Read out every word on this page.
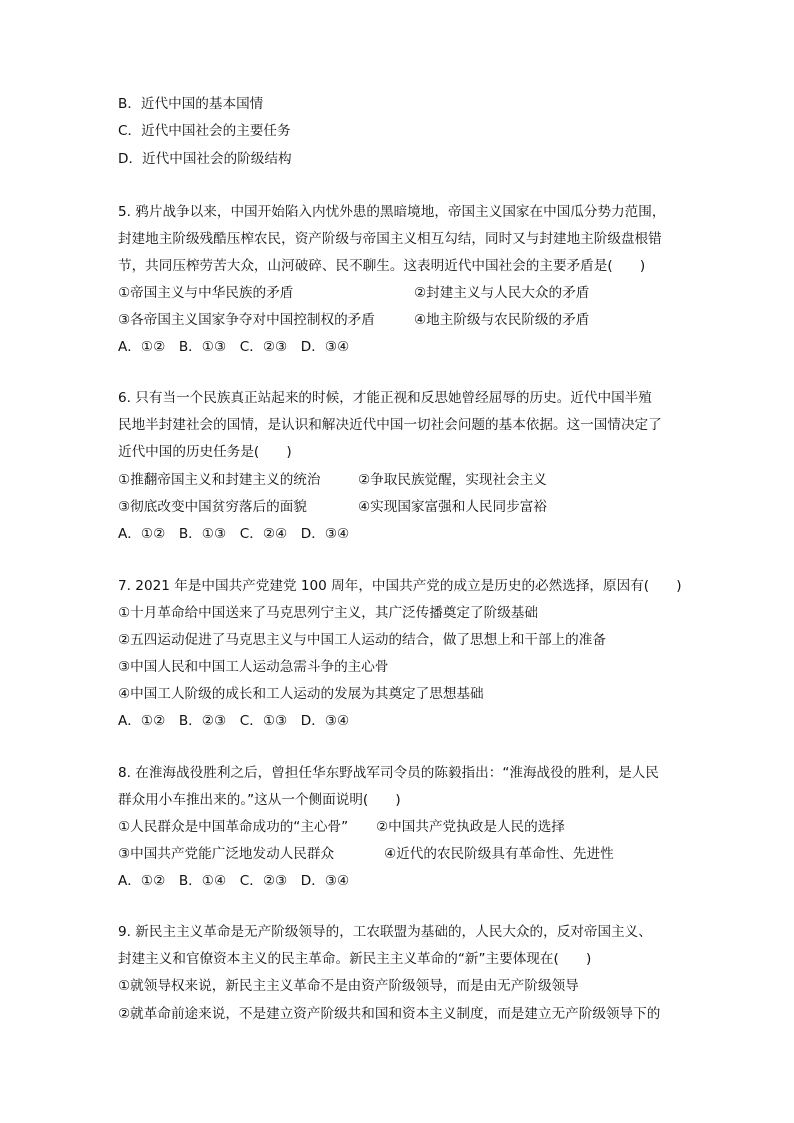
B．近代中国的基本国情
C．近代中国社会的主要任务
D．近代中国社会的阶级结构
5. 鸦片战争以来，中国开始陷入内忧外患的黑暗境地，帝国主义国家在中国瓜分势力范围，
封建地主阶级残酷压榨农民，资产阶级与帝国主义相互勾结，同时又与封建地主阶级盘根错
节，共同压榨劳苦大众，山河破碎、民不聊生。这表明近代中国社会的主要矛盾是(　　)
①帝国主义与中华民族的矛盾	②封建主义与人民大众的矛盾
③各帝国主义国家争夺对中国控制权的矛盾	④地主阶级与农民阶级的矛盾
A．①②　B．①③　C．②③　D．③④
6. 只有当一个民族真正站起来的时候，才能正视和反思她曾经屈辱的历史。近代中国半殖
民地半封建社会的国情，是认识和解决近代中国一切社会问题的基本依据。这一国情决定了
近代中国的历史任务是(　　)
①推翻帝国主义和封建主义的统治	②争取民族觉醒，实现社会主义
③彻底改变中国贫穷落后的面貌	④实现国家富强和人民同步富裕
A．①②　B．①③　C．②④　D．③④
7. 2021 年是中国共产党建党 100 周年，中国共产党的成立是历史的必然选择，原因有(　　)
①十月革命给中国送来了马克思列宁主义，其广泛传播奠定了阶级基础
②五四运动促进了马克思主义与中国工人运动的结合，做了思想上和干部上的准备
③中国人民和中国工人运动急需斗争的主心骨
④中国工人阶级的成长和工人运动的发展为其奠定了思想基础
A．①②　B．②③　C．①③　D．③④
8. 在淮海战役胜利之后，曾担任华东野战军司令员的陈毅指出：“淮海战役的胜利，是人民
群众用小车推出来的。”这从一个侧面说明(　　)
①人民群众是中国革命成功的“主心骨” ②中国共产党执政是人民的选择
③中国共产党能广泛地发动人民群众	④近代的农民阶级具有革命性、先进性
A．①②　B．①④　C．②③　D．③④
9. 新民主主义革命是无产阶级领导的，工农联盟为基础的，人民大众的，反对帝国主义、
封建主义和官僚资本主义的民主革命。新民主主义革命的“新”主要体现在(　　)
①就领导权来说，新民主主义革命不是由资产阶级领导，而是由无产阶级领导
②就革命前途来说，不是建立资产阶级共和国和资本主义制度，而是建立无产阶级领导下的
